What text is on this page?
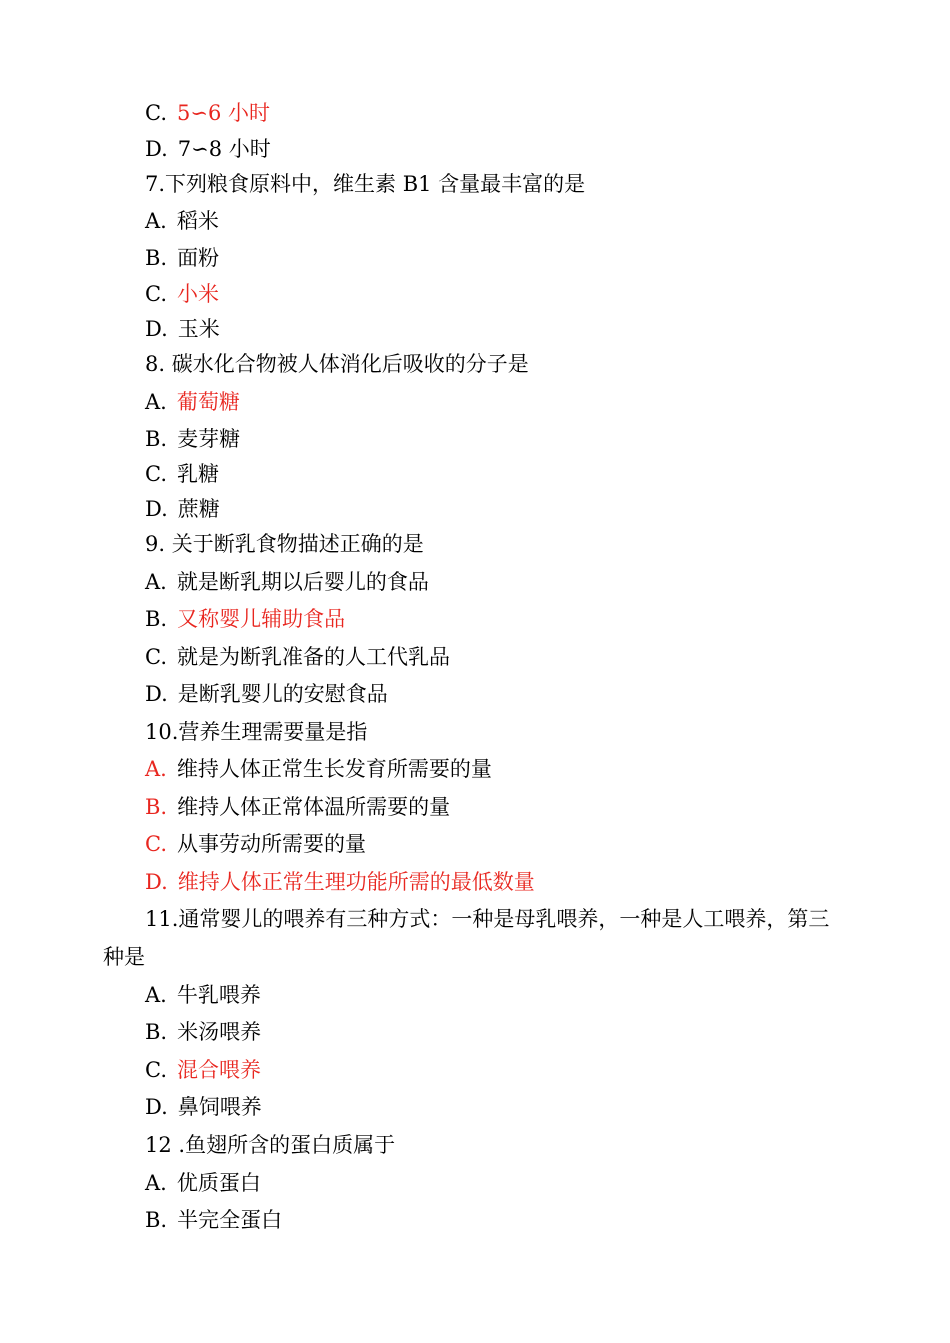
C. 5∽6 小时
D. 7∽8 小时
7.下列粮食原料中，维生素 B1 含量最丰富的是
A. 稻米
B. 面粉
C. 小米
D. 玉米
8. 碳水化合物被人体消化后吸收的分子是
A. 葡萄糖
B. 麦芽糖
C. 乳糖
D. 蔗糖
9. 关于断乳食物描述正确的是
A. 就是断乳期以后婴儿的食品
B. 又称婴儿辅助食品
C. 就是为断乳准备的人工代乳品
D. 是断乳婴儿的安慰食品
10.营养生理需要量是指
A. 维持人体正常生长发育所需要的量
B. 维持人体正常体温所需要的量
C. 从事劳动所需要的量
D. 维持人体正常生理功能所需的最低数量
11.通常婴儿的喂养有三种方式：一种是母乳喂养，一种是人工喂养，第三
种是
A. 牛乳喂养
B. 米汤喂养
C. 混合喂养
D. 鼻饲喂养
12 .鱼翅所含的蛋白质属于
A. 优质蛋白
B. 半完全蛋白
